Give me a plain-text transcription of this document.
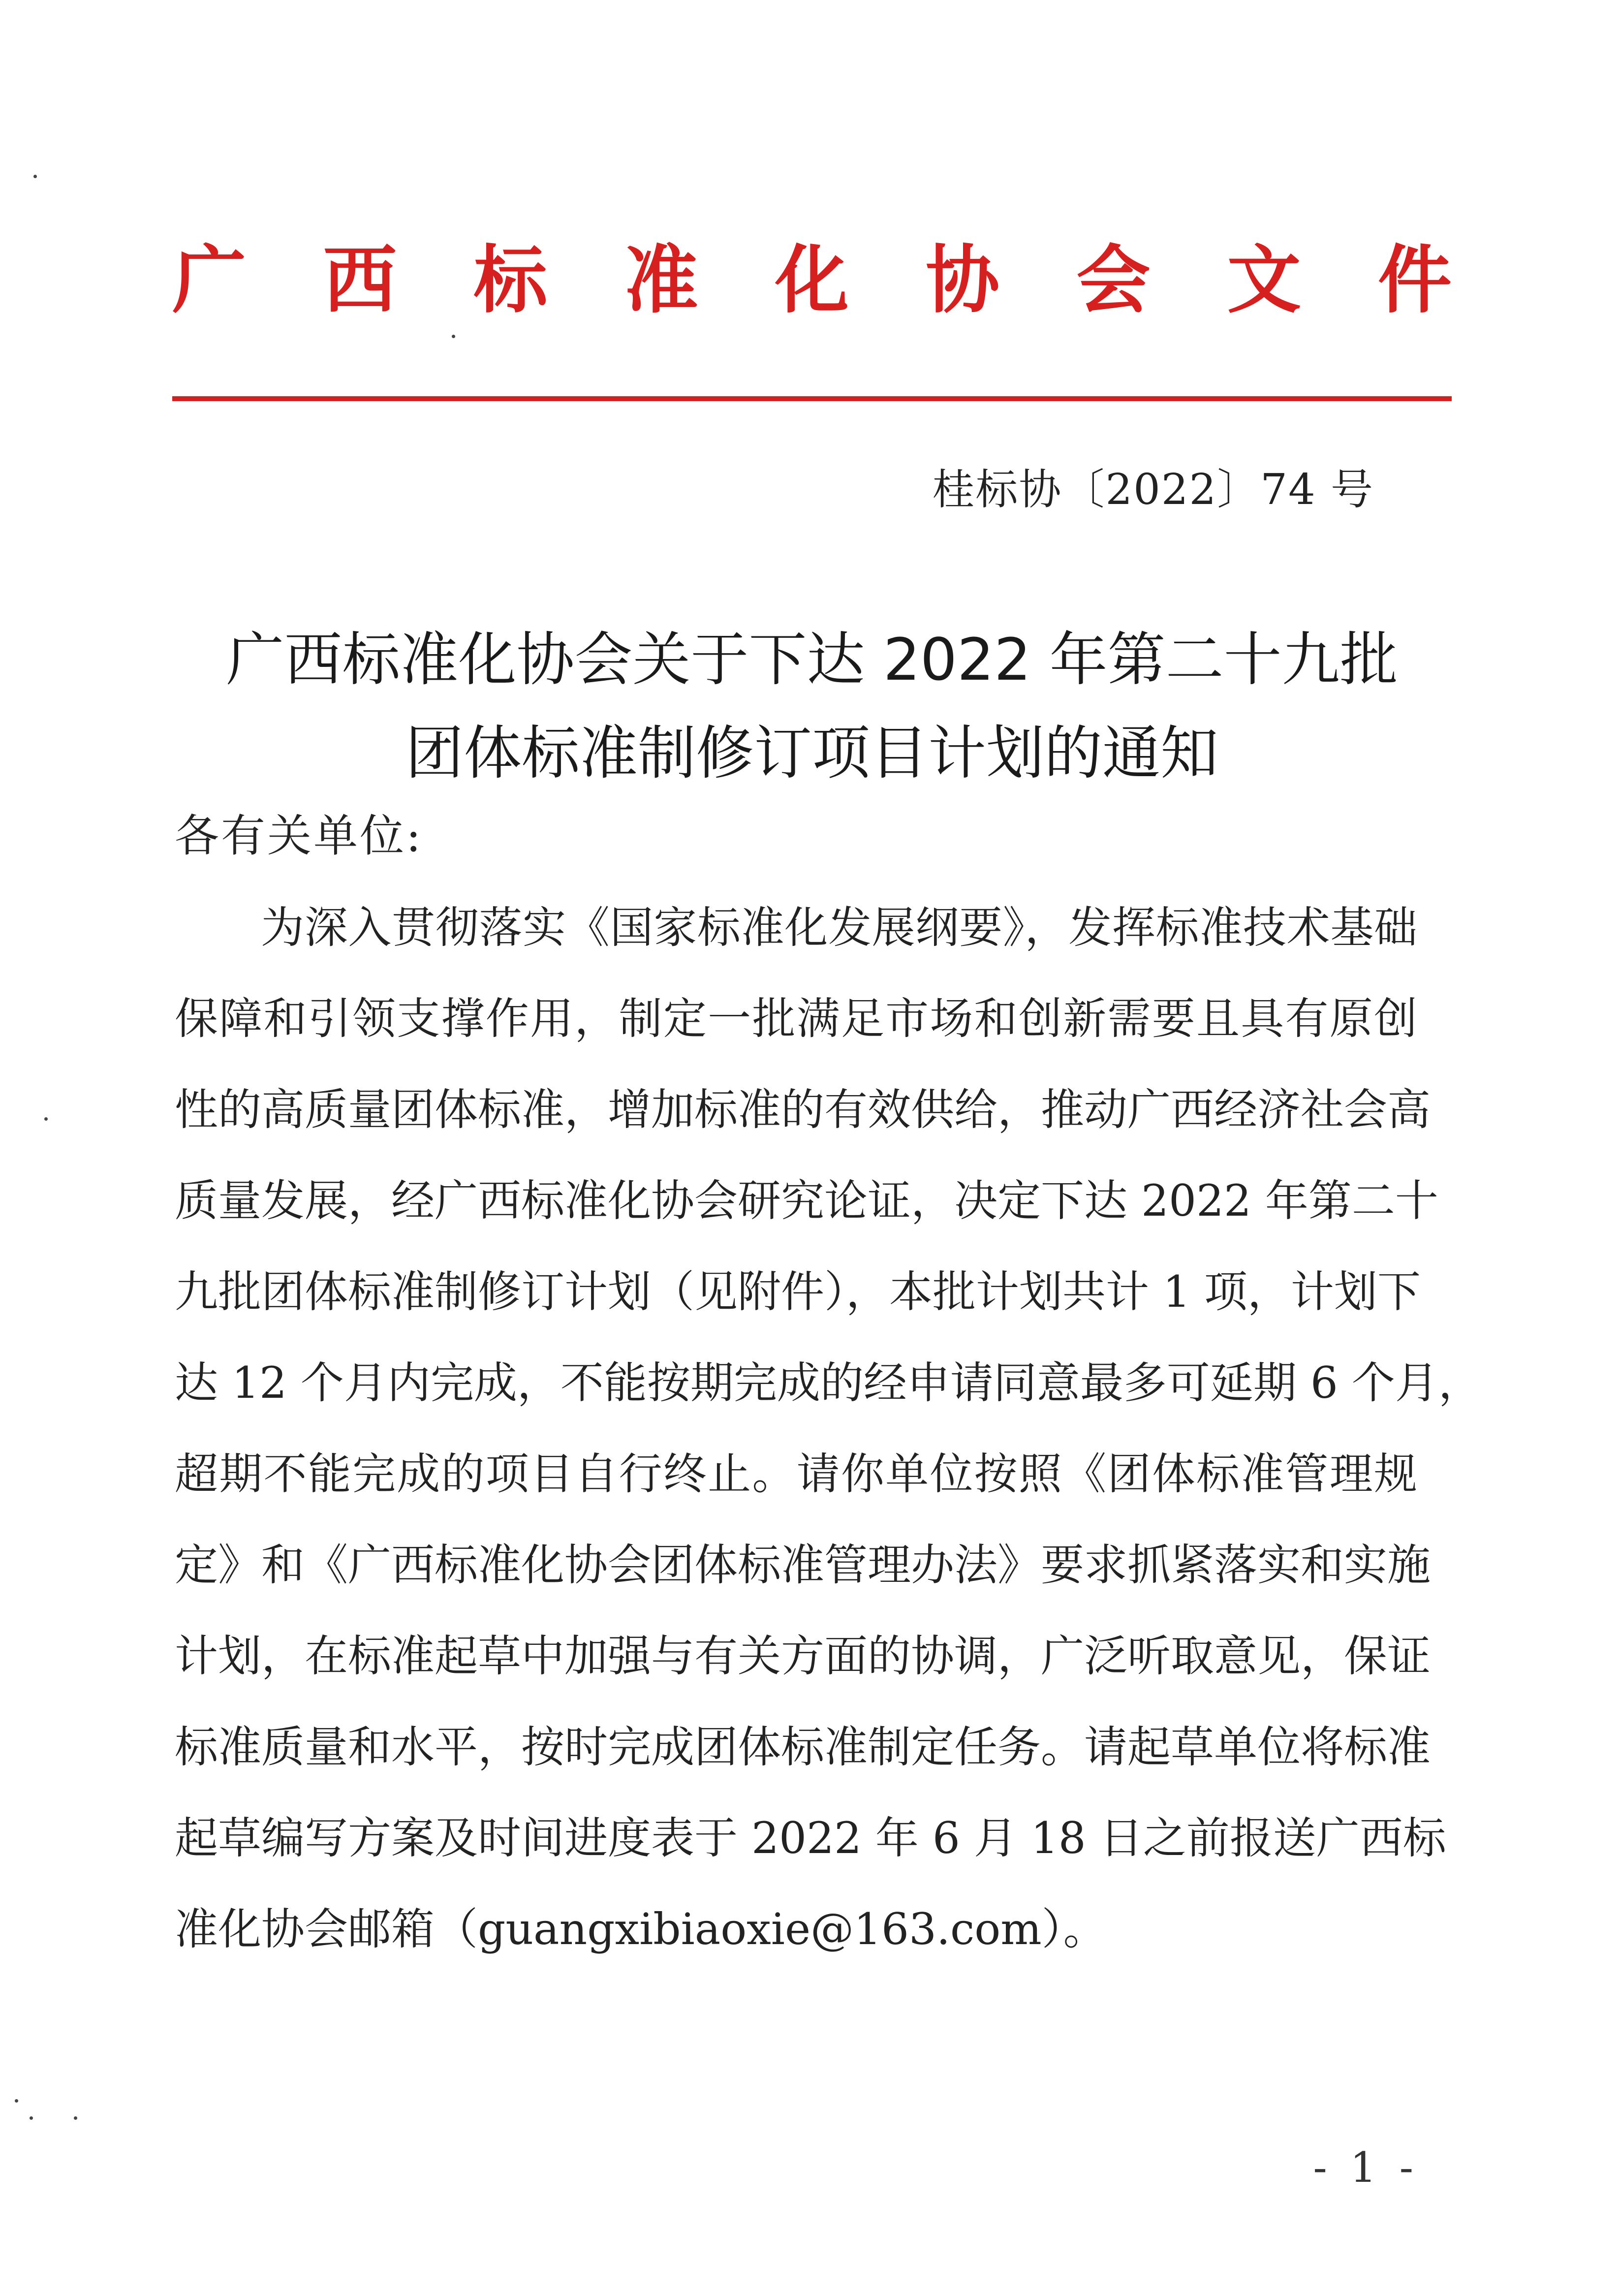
广 西 标 准 化 协 会 文 件
桂标协〔2022〕74 号
广西标准化协会关于下达 2022 年第二十九批
团体标准制修订项目计划的通知
各有关单位:
为深入贯彻落实《国家标准化发展纲要》，发挥标准技术基础
保障和引领支撑作用，制定一批满足市场和创新需要且具有原创
性的高质量团体标准，增加标准的有效供给，推动广西经济社会高
质量发展，经广西标准化协会研究论证，决定下达 2022 年第二十
九批团体标准制修订计划（见附件），本批计划共计 1 项，计划下
达 12 个月内完成，不能按期完成的经申请同意最多可延期 6 个月，
超期不能完成的项目自行终止。请你单位按照《团体标准管理规
定》和《广西标准化协会团体标准管理办法》要求抓紧落实和实施
计划，在标准起草中加强与有关方面的协调，广泛听取意见，保证
标准质量和水平，按时完成团体标准制定任务。请起草单位将标准
起草编写方案及时间进度表于 2022 年 6 月 18 日之前报送广西标
准化协会邮箱（guangxibiaoxie@163.com）。
- 1 -
